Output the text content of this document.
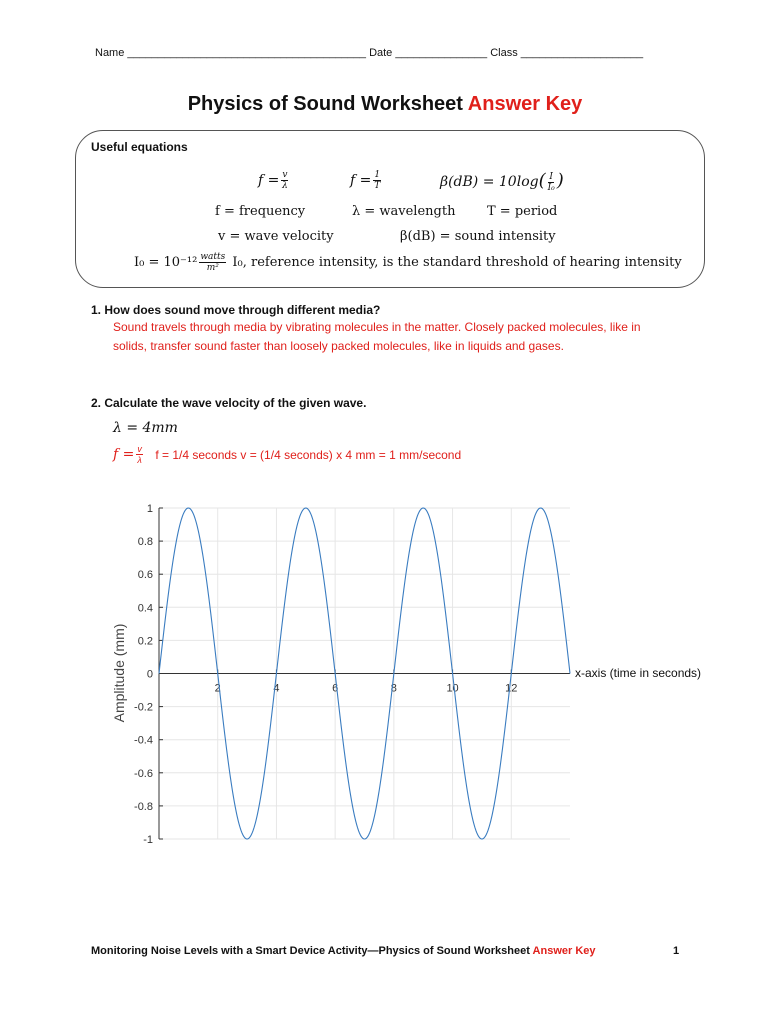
Name _______________________________________ Date _______________ Class ____________________
Physics of Sound Worksheet Answer Key
Useful equations
$f = \frac{v}{\lambda}$	$f = \frac{1}{T}$	$\beta(dB) = 10\log( \frac{I}{\text{I₀}}$ )
f = frequency	λ = wavelength T = period
v = wave velocity	β(dB) = sound intensity
$I_0 = 10^{-12} \frac{\text{watts}}{\text{m²}} I_0$, reference intensity, is the standard threshold of hearing intensity
1. How does sound move through different media?
Sound travels through media by vibrating molecules in the matter. Closely packed molecules, like in
solids, transfer sound faster than loosely packed molecules, like in liquids and gases.
2. Calculate the wave velocity of the given wave.
λ = 4mm
$f = \frac{v}{\lambda}$ f = 1/4 seconds v = (1/4 seconds) x 4 mm = 1 mm/second
1
0.8
0.6
0.4
0.2
0
-0.2
-0.4
-0.6
-0.8
-1
2	4	6	8	10	12
Amplitude (mm)	x-axis (time in seconds)
Monitoring Noise Levels with a Smart Device Activity—Physics of Sound Worksheet Answer Key	1
